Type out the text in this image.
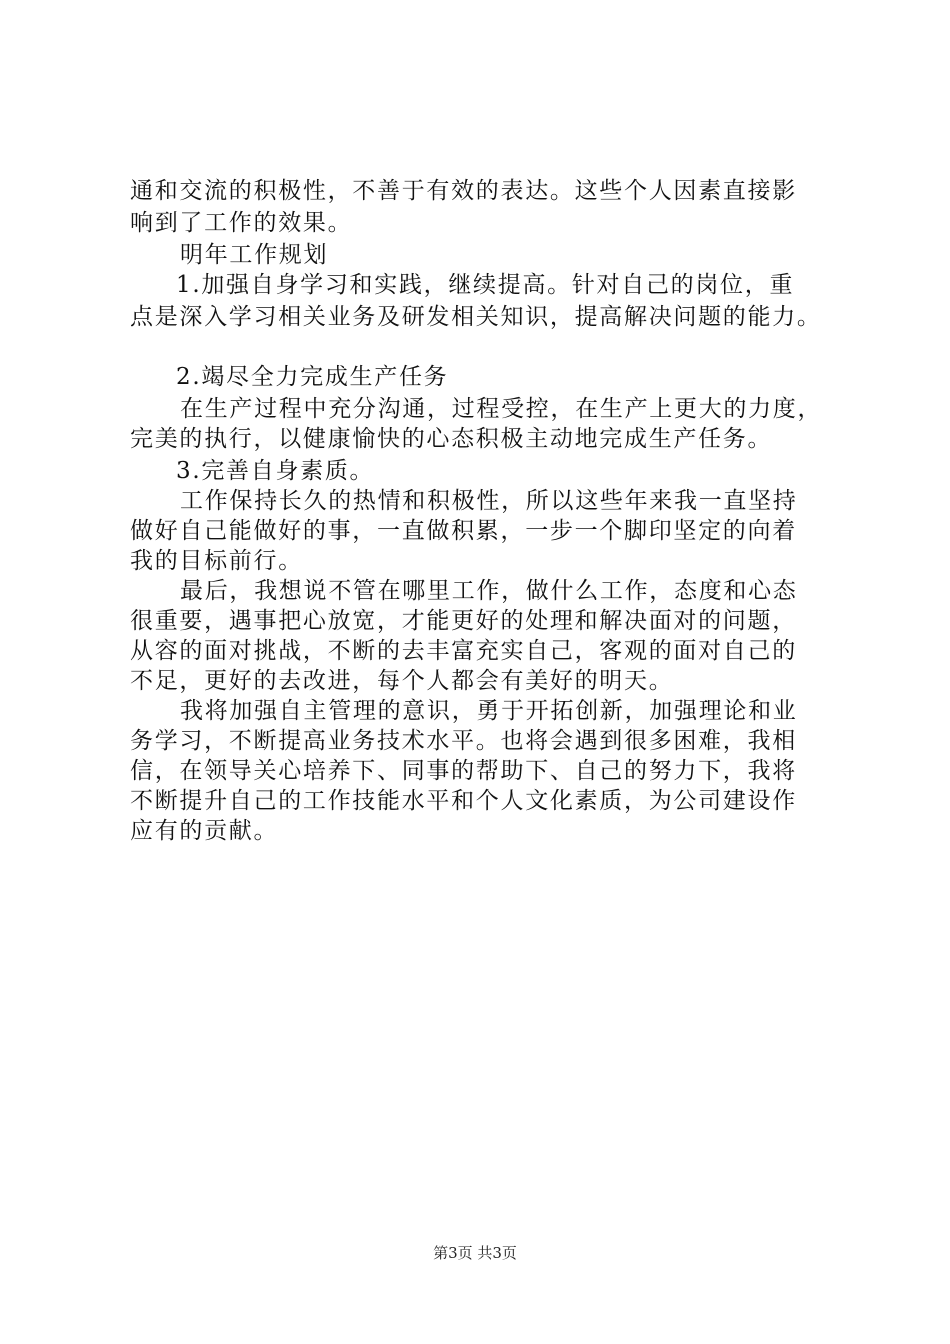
通和交流的积极性，不善于有效的表达。这些个人因素直接影
响到了工作的效果。
明年工作规划
1.加强自身学习和实践，继续提高。针对自己的岗位，重
点是深入学习相关业务及研发相关知识，提高解决问题的能力。
2.竭尽全力完成生产任务
在生产过程中充分沟通，过程受控，在生产上更大的力度，
完美的执行，以健康愉快的心态积极主动地完成生产任务。
3.完善自身素质。
工作保持长久的热情和积极性，所以这些年来我一直坚持
做好自己能做好的事，一直做积累，一步一个脚印坚定的向着
我的目标前行。
最后，我想说不管在哪里工作，做什么工作，态度和心态
很重要，遇事把心放宽，才能更好的处理和解决面对的问题，
从容的面对挑战，不断的去丰富充实自己，客观的面对自己的
不足，更好的去改进，每个人都会有美好的明天。
我将加强自主管理的意识，勇于开拓创新，加强理论和业
务学习，不断提高业务技术水平。也将会遇到很多困难，我相
信，在领导关心培养下、同事的帮助下、自己的努力下，我将
不断提升自己的工作技能水平和个人文化素质，为公司建设作
应有的贡献。
第3页 共3页
